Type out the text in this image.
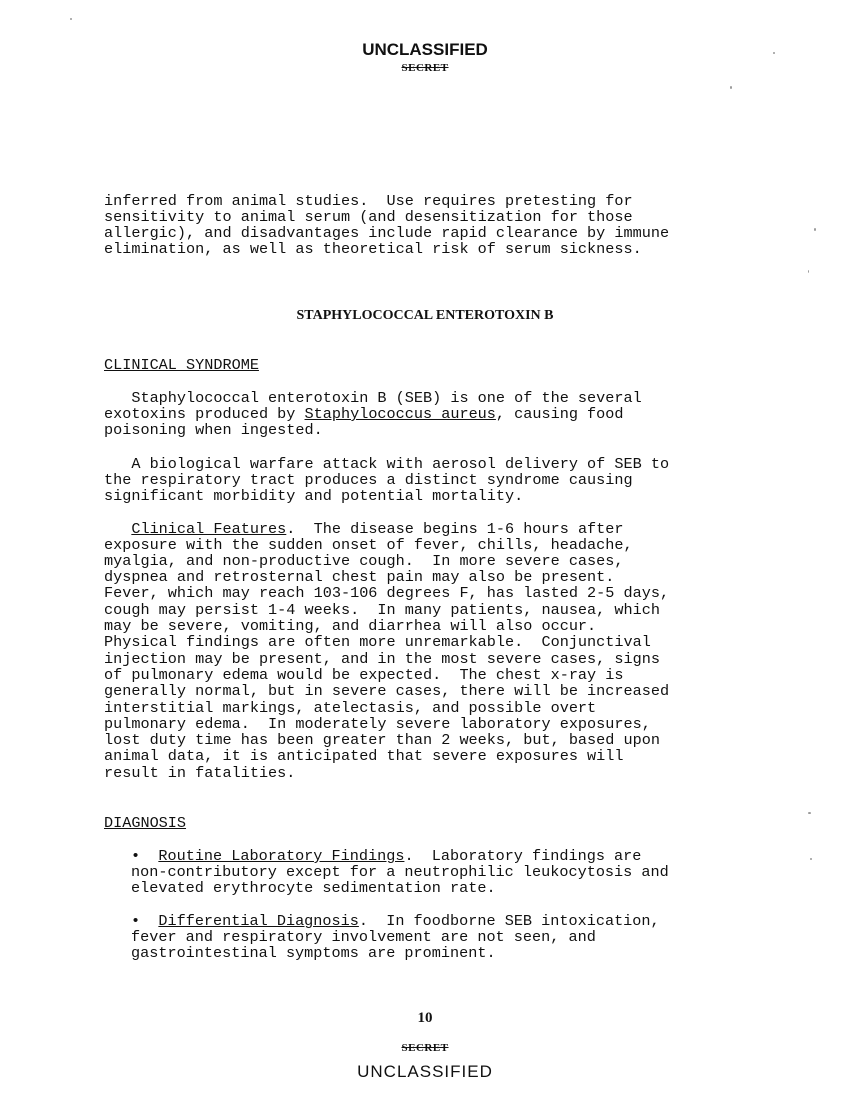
UNCLASSIFIED
SECRET
inferred from animal studies.  Use requires pretesting for
sensitivity to animal serum (and desensitization for those
allergic), and disadvantages include rapid clearance by immune
elimination, as well as theoretical risk of serum sickness.
STAPHYLOCOCCAL ENTEROTOXIN B
CLINICAL SYNDROME
Staphylococcal enterotoxin B (SEB) is one of the several
exotoxins produced by Staphylococcus aureus, causing food
poisoning when ingested.
A biological warfare attack with aerosol delivery of SEB to
the respiratory tract produces a distinct syndrome causing
significant morbidity and potential mortality.
Clinical Features.  The disease begins 1-6 hours after
exposure with the sudden onset of fever, chills, headache,
myalgia, and non-productive cough.  In more severe cases,
dyspnea and retrosternal chest pain may also be present.
Fever, which may reach 103-106 degrees F, has lasted 2-5 days,
cough may persist 1-4 weeks.  In many patients, nausea, which
may be severe, vomiting, and diarrhea will also occur.
Physical findings are often more unremarkable.  Conjunctival
injection may be present, and in the most severe cases, signs
of pulmonary edema would be expected.  The chest x-ray is
generally normal, but in severe cases, there will be increased
interstitial markings, atelectasis, and possible overt
pulmonary edema.  In moderately severe laboratory exposures,
lost duty time has been greater than 2 weeks, but, based upon
animal data, it is anticipated that severe exposures will
result in fatalities.
DIAGNOSIS
• Routine Laboratory Findings.  Laboratory findings are
non-contributory except for a neutrophilic leukocytosis and
elevated erythrocyte sedimentation rate.
• Differential Diagnosis.  In foodborne SEB intoxication,
fever and respiratory involvement are not seen, and
gastrointestinal symptoms are prominent.
10
SECRET
UNCLASSIFIED
